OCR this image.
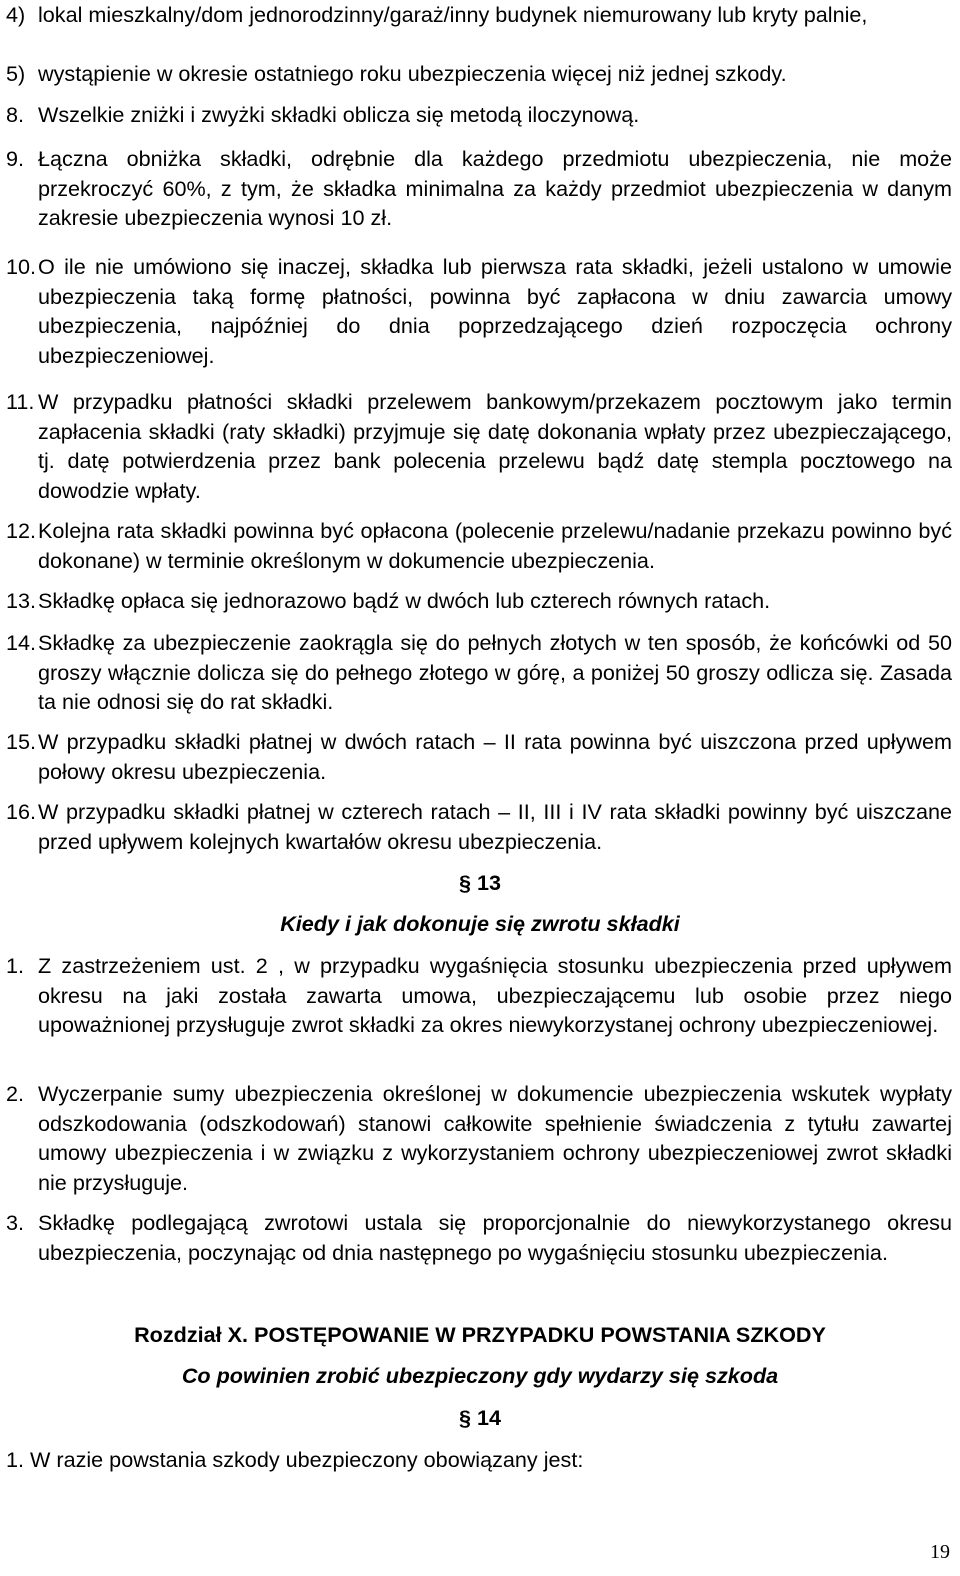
4) lokal mieszkalny/dom jednorodzinny/garaż/inny budynek niemurowany lub kryty palnie,
5) wystąpienie w okresie ostatniego roku ubezpieczenia więcej niż jednej szkody.
8. Wszelkie zniżki i zwyżki składki oblicza się metodą iloczynową.
9. Łączna obniżka składki, odrębnie dla każdego przedmiotu ubezpieczenia, nie może przekroczyć 60%, z tym, że składka minimalna za każdy przedmiot ubezpieczenia w danym zakresie ubezpieczenia wynosi 10 zł.
10. O ile nie umówiono się inaczej, składka lub pierwsza rata składki, jeżeli ustalono w umowie ubezpieczenia taką formę płatności, powinna być zapłacona w dniu zawarcia umowy ubezpieczenia, najpóźniej do dnia poprzedzającego dzień rozpoczęcia ochrony ubezpieczeniowej.
11. W przypadku płatności składki przelewem bankowym/przekazem pocztowym jako termin zapłacenia składki (raty składki) przyjmuje się datę dokonania wpłaty przez ubezpieczającego, tj. datę potwierdzenia przez bank polecenia przelewu bądź datę stempla pocztowego na dowodzie wpłaty.
12. Kolejna rata składki powinna być opłacona (polecenie przelewu/nadanie przekazu powinno być dokonane) w terminie określonym w dokumencie ubezpieczenia.
13. Składkę opłaca się jednorazowo bądź w dwóch lub czterech równych ratach.
14. Składkę za ubezpieczenie zaokrągla się do pełnych złotych w ten sposób, że końcówki od 50 groszy włącznie dolicza się do pełnego złotego w górę, a poniżej 50 groszy odlicza się. Zasada ta nie odnosi się do rat składki.
15. W przypadku składki płatnej w dwóch ratach – II rata powinna być uiszczona przed upływem połowy okresu ubezpieczenia.
16. W przypadku składki płatnej w czterech ratach – II, III i IV rata składki powinny być uiszczane przed upływem kolejnych kwartałów okresu ubezpieczenia.
§ 13
Kiedy i jak dokonuje się zwrotu składki
1. Z zastrzeżeniem ust. 2 , w przypadku wygaśnięcia stosunku ubezpieczenia przed upływem okresu na jaki została zawarta umowa, ubezpieczającemu lub osobie przez niego upoważnionej przysługuje zwrot składki za okres niewykorzystanej ochrony ubezpieczeniowej.
2. Wyczerpanie sumy ubezpieczenia określonej w dokumencie ubezpieczenia wskutek wypłaty odszkodowania (odszkodowań) stanowi całkowite spełnienie świadczenia z tytułu zawartej umowy ubezpieczenia i w związku z wykorzystaniem ochrony ubezpieczeniowej zwrot składki nie przysługuje.
3. Składkę podlegającą zwrotowi ustala się proporcjonalnie do niewykorzystanego okresu ubezpieczenia, poczynając od dnia następnego po wygaśnięciu stosunku ubezpieczenia.
Rozdział X. POSTĘPOWANIE W PRZYPADKU POWSTANIA SZKODY
Co powinien zrobić ubezpieczony gdy wydarzy się szkoda
§ 14
1. W razie powstania szkody ubezpieczony obowiązany jest:
19
